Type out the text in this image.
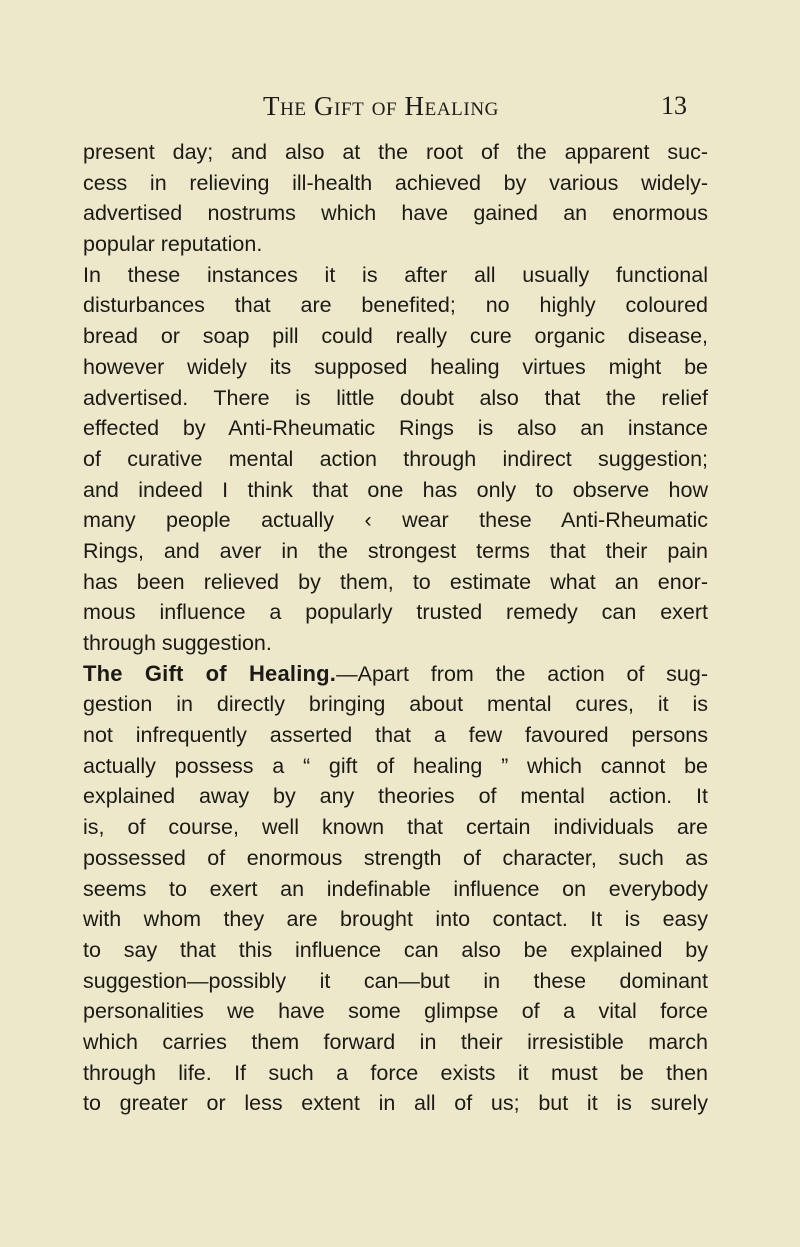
The Gift of Healing	13
present day; and also at the root of the apparent suc-
cess in relieving ill-health achieved by various widely-
advertised nostrums which have gained an enormous
popular reputation.
In these instances it is after all usually functional
disturbances that are benefited; no highly coloured
bread or soap pill could really cure organic disease,
however widely its supposed healing virtues might be
advertised. There is little doubt also that the relief
effected by Anti-Rheumatic Rings is also an instance
of curative mental action through indirect suggestion;
and indeed I think that one has only to observe how
many people actually ‹ wear these Anti-Rheumatic
Rings, and aver in the strongest terms that their pain
has been relieved by them, to estimate what an enor-
mous influence a popularly trusted remedy can exert
through suggestion.
The Gift of Healing.—Apart from the action of sug-
gestion in directly bringing about mental cures, it is
not infrequently asserted that a few favoured persons
actually possess a “ gift of healing ” which cannot be
explained away by any theories of mental action. It
is, of course, well known that certain individuals are
possessed of enormous strength of character, such as
seems to exert an indefinable influence on everybody
with whom they are brought into contact. It is easy
to say that this influence can also be explained by
suggestion—possibly it can—but in these dominant
personalities we have some glimpse of a vital force
which carries them forward in their irresistible march
through life. If such a force exists it must be then
to greater or less extent in all of us; but it is surely
